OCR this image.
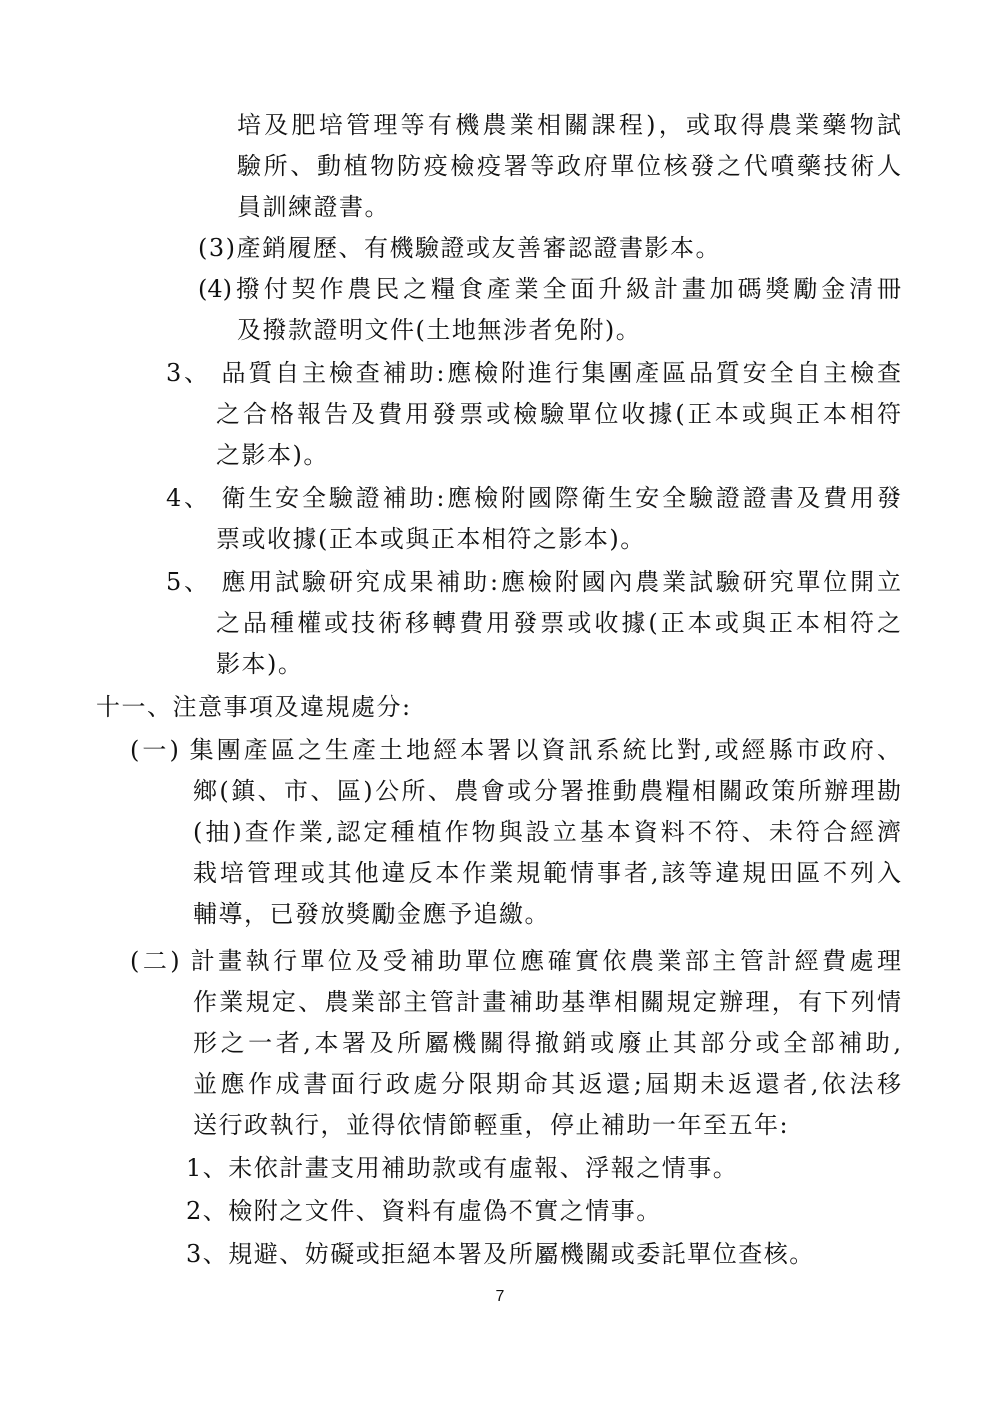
培及肥培管理等有機農業相關課程)，或取得農業藥物試
驗所、動植物防疫檢疫署等政府單位核發之代噴藥技術人
員訓練證書。
(3)產銷履歷、有機驗證或友善審認證書影本。
(4)撥付契作農民之糧食產業全面升級計畫加碼獎勵金清冊
及撥款證明文件(土地無涉者免附)。
3、 品質自主檢查補助:應檢附進行集團產區品質安全自主檢查
之合格報告及費用發票或檢驗單位收據(正本或與正本相符
之影本)。
4、 衛生安全驗證補助:應檢附國際衛生安全驗證證書及費用發
票或收據(正本或與正本相符之影本)。
5、 應用試驗研究成果補助:應檢附國內農業試驗研究單位開立
之品種權或技術移轉費用發票或收據(正本或與正本相符之
影本)。
十一、注意事項及違規處分:
(一) 集團產區之生產土地經本署以資訊系統比對,或經縣市政府、
鄉(鎮、市、區)公所、農會或分署推動農糧相關政策所辦理勘
(抽)查作業,認定種植作物與設立基本資料不符、未符合經濟
栽培管理或其他違反本作業規範情事者,該等違規田區不列入
輔導，已發放獎勵金應予追繳。
(二) 計畫執行單位及受補助單位應確實依農業部主管計經費處理
作業規定、農業部主管計畫補助基準相關規定辦理，有下列情
形之一者,本署及所屬機關得撤銷或廢止其部分或全部補助,
並應作成書面行政處分限期命其返還;屆期未返還者,依法移
送行政執行，並得依情節輕重，停止補助一年至五年:
1、未依計畫支用補助款或有虛報、浮報之情事。
2、檢附之文件、資料有虛偽不實之情事。
3、規避、妨礙或拒絕本署及所屬機關或委託單位查核。
7
